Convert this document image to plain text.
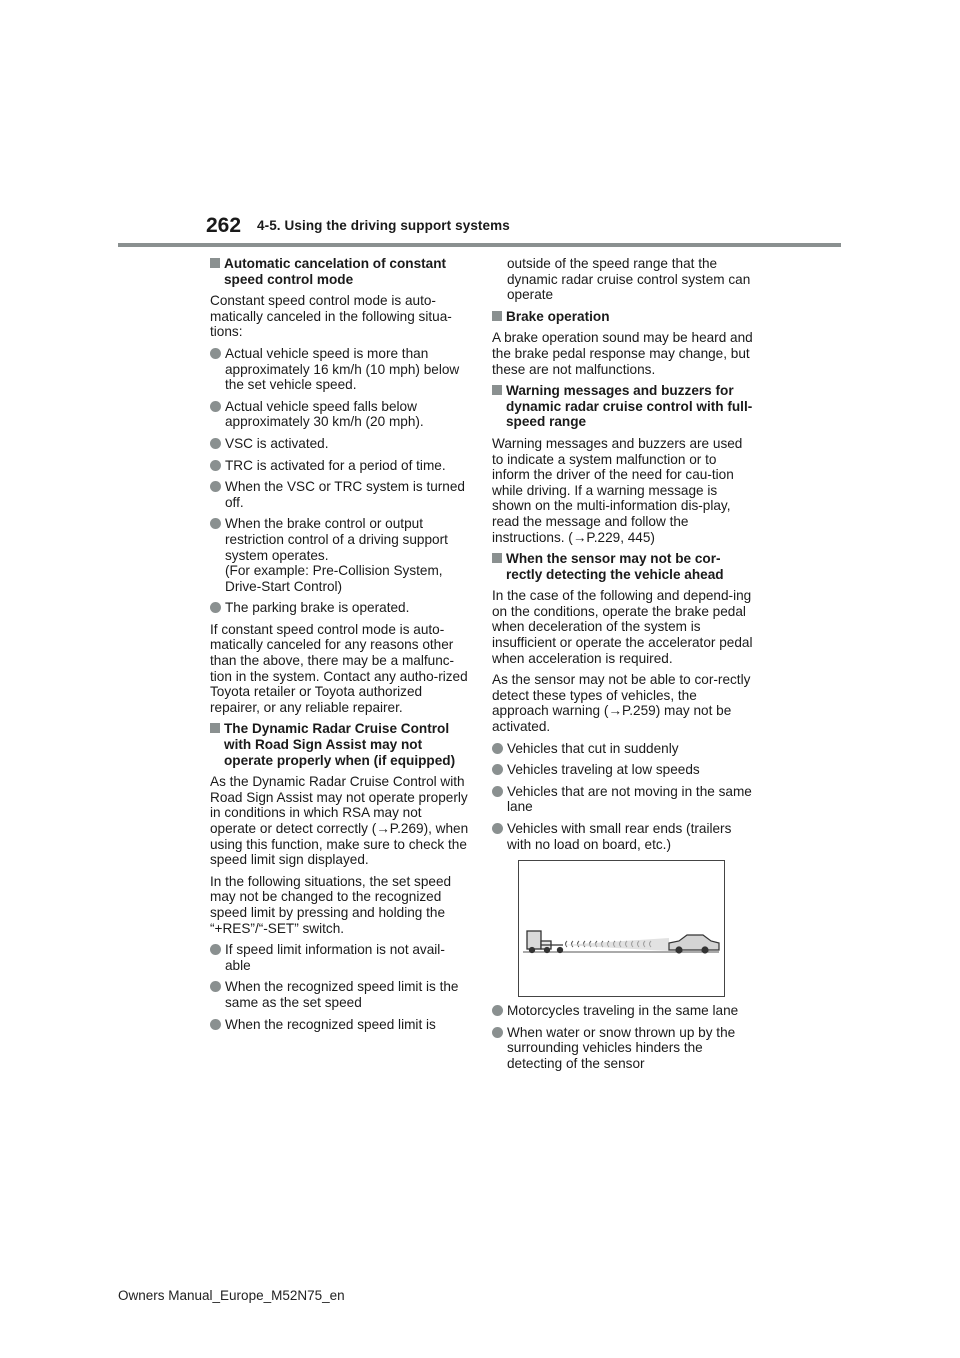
262 4-5. Using the driving support systems
Automatic cancelation of constant speed control mode
Constant speed control mode is auto-matically canceled in the following situa-tions:
Actual vehicle speed is more than approximately 16 km/h (10 mph) below the set vehicle speed.
Actual vehicle speed falls below approximately 30 km/h (20 mph).
VSC is activated.
TRC is activated for a period of time.
When the VSC or TRC system is turned off.
When the brake control or output restriction control of a driving support system operates.
(For example: Pre-Collision System, Drive-Start Control)
The parking brake is operated.
If constant speed control mode is auto-matically canceled for any reasons other than the above, there may be a malfunc-tion in the system. Contact any autho-rized Toyota retailer or Toyota authorized repairer, or any reliable repairer.
The Dynamic Radar Cruise Control with Road Sign Assist may not operate properly when (if equipped)
As the Dynamic Radar Cruise Control with Road Sign Assist may not operate properly in conditions in which RSA may not operate or detect correctly (→P.269), when using this function, make sure to check the speed limit sign displayed.
In the following situations, the set speed may not be changed to the recognized speed limit by pressing and holding the “+RES”/“-SET” switch.
If speed limit information is not avail-able
When the recognized speed limit is the same as the set speed
When the recognized speed limit is
outside of the speed range that the dynamic radar cruise control system can operate
Brake operation
A brake operation sound may be heard and the brake pedal response may change, but these are not malfunctions.
Warning messages and buzzers for dynamic radar cruise control with full-speed range
Warning messages and buzzers are used to indicate a system malfunction or to inform the driver of the need for cau-tion while driving. If a warning message is shown on the multi-information dis-play, read the message and follow the instructions. (→P.229, 445)
When the sensor may not be cor-rectly detecting the vehicle ahead
In the case of the following and depend-ing on the conditions, operate the brake pedal when deceleration of the system is insufficient or operate the accelerator pedal when acceleration is required.
As the sensor may not be able to cor-rectly detect these types of vehicles, the approach warning (→P.259) may not be activated.
Vehicles that cut in suddenly
Vehicles traveling at low speeds
Vehicles that are not moving in the same lane
Vehicles with small rear ends (trailers with no load on board, etc.)
Motorcycles traveling in the same lane
When water or snow thrown up by the surrounding vehicles hinders the detecting of the sensor
Owners Manual_Europe_M52N75_en
